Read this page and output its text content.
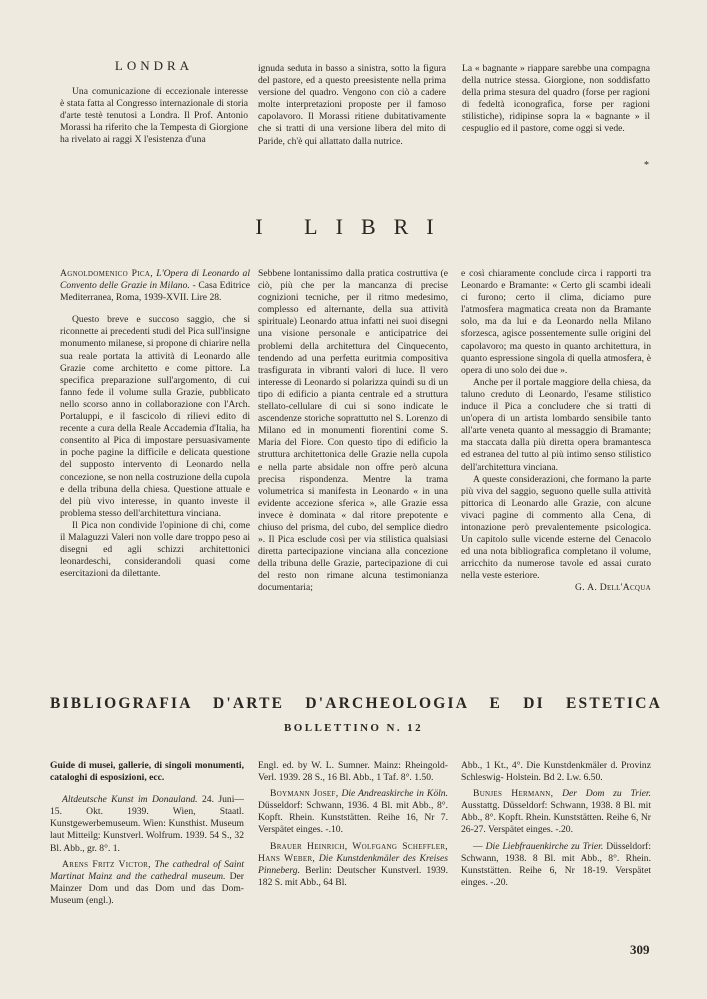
LONDRA

Una comunicazione di eccezionale interesse è stata fatta al Congresso internazionale di storia d'arte testè tenutosi a Londra. Il Prof. Antonio Morassi ha riferito che la Tempesta di Giorgione ha rivelato ai raggi X l'esistenza d'una

ignuda seduta in basso a sinistra, sotto la figura del pastore, ed a questo preesistente nella prima versione del quadro. Vengono con ciò a cadere molte interpretazioni proposte per il famoso capolavoro. Il Morassi ritiene dubitativamente che si tratti di una versione libera del mito di Paride, ch'è qui allattato dalla nutrice.

La « bagnante » riappare sarebbe una compagna della nutrice stessa. Giorgione, non soddisfatto della prima stesura del quadro (forse per ragioni di fedeltà iconografica, forse per ragioni stilistiche), ridipinse sopra la « bagnante » il cespuglio ed il pastore, come oggi si vede.

*
I LIBRI

Agnoldomenico Pica, L'Opera di Leonardo al Convento delle Grazie in Milano. - Casa Editrice Mediterranea, Roma, 1939-XVII. Lire 28.

Questo breve e succoso saggio, che si riconnette ai precedenti studi del Pica sull'insigne monumento milanese, si propone di chiarire nella sua reale portata la attività di Leonardo alle Grazie come architetto e come pittore. La specifica preparazione sull'argomento, di cui fanno fede il volume sulla Grazie, pubblicato nello scorso anno in collaborazione con l'Arch. Portaluppi, e il fascicolo di rilievi edito di recente a cura della Reale Accademia d'Italia, ha consentito al Pica di impostare persuasivamente in poche pagine la difficile e delicata questione del supposto intervento di Leonardo nella concezione, se non nella costruzione della cupola e della tribuna della chiesa. Questione attuale e del più vivo interesse, in quanto investe il problema stesso dell'architettura vinciana.

Il Pica non condivide l'opinione di chi, come il Malaguzzi Valeri non volle dare troppo peso ai disegni ed agli schizzi architettonici leonardeschi, considerandoli quasi come esercitazioni da dilettante.

Sebbene lontanissimo dalla pratica costruttiva (e ciò, più che per la mancanza di precise cognizioni tecniche, per il ritmo medesimo, complesso ed alternante, della sua attività spirituale) Leonardo attua infatti nei suoi disegni una visione personale e anticipatrice dei problemi della architettura del Cinquecento, tendendo ad una perfetta euritmia compositiva trasfigurata in vibranti valori di luce. Il vero interesse di Leonardo si polarizza quindi su di un tipo di edificio a pianta centrale ed a struttura stellato-cellulare di cui si sono indicate le ascendenze storiche soprattutto nel S. Lorenzo di Milano ed in monumenti fiorentini come S. Maria del Fiore. Con questo tipo di edificio la struttura architettonica delle Grazie nella cupola e nella parte absidale non offre però alcuna precisa rispondenza. Mentre la trama volumetrica si manifesta in Leonardo « in una evidente accezione sferica », alle Grazie essa invece è dominata « dal ritore prepotente e chiuso del prisma, del cubo, del semplice diedro ». Il Pica esclude così per via stilistica qualsiasi diretta partecipazione vinciana alla concezione della tribuna delle Grazie, partecipazione di cui del resto non rimane alcuna testimonianza documentaria;

e così chiaramente conclude circa i rapporti tra Leonardo e Bramante: « Certo gli scambi ideali ci furono; certo il clima, diciamo pure l'atmosfera magmatica creata non da Bramante solo, ma da lui e da Leonardo nella Milano sforzesca, agisce possentemente sulle origini del capolavoro; ma questo in quanto architettura, in quanto espressione singola di quella atmosfera, è opera di uno solo dei due ».

Anche per il portale maggiore della chiesa, da taluno creduto di Leonardo, l'esame stilistico induce il Pica a concludere che si tratti di un'opera di un artista lombardo sensibile tanto all'arte veneta quanto al messaggio di Bramante; ma staccata dalla più diretta opera bramantesca ed estranea del tutto al più intimo senso stilistico dell'architettura vinciana.

A queste considerazioni, che formano la parte più viva del saggio, seguono quelle sulla attività pittorica di Leonardo alle Grazie, con alcune vivaci pagine di commento alla Cena, di intonazione però prevalentemente psicologica. Un capitolo sulle vicende esterne del Cenacolo ed una nota bibliografica completano il volume, arricchito da numerose tavole ed assai curato nella veste esteriore.

G. A. Dell'Acqua

BIBLIOGRAFIA D'ARTE D'ARCHEOLOGIA E DI ESTETICA
BOLLETTINO N. 12

Guide di musei, gallerie, di singoli monumenti, cataloghi di esposizioni, ecc.

Altdeutsche Kunst im Donauland. 24. Juni—15. Okt. 1939. Wien, Staatl. Kunstgewerbemuseum. Wien: Kunsthist. Museum laut Mitteilg: Kunstverl. Wolfrum. 1939. 54 S., 32 Bl. Abb., gr. 8°. 1.

Arens Fritz Victor, The cathedral of Saint Martinat Mainz and the cathedral museum. Der Mainzer Dom und das Dom und das Dom- Museum (engl.).

Engl. ed. by W. L. Sumner. Mainz: Rheingold-Verl. 1939. 28 S., 16 Bl. Abb., 1 Taf. 8°. 1.50.

Boymann Josef, Die Andreaskirche in Köln. Düsseldorf: Schwann, 1936. 4 Bl. mit Abb., 8°. Kopft. Rhein. Kunststätten. Reihe 16, Nr 7. Verspätet einges. -.10.

Brauer Heinrich, Wolfgang Scheffler, Hans Weber, Die Kunstdenkmäler des Kreises Pinneberg. Berlin: Deutscher Kunstverl. 1939. 182 S. mit Abb., 64 Bl.

Abb., 1 Kt., 4°. Die Kunstdenkmäler d. Provinz Schleswig- Holstein. Bd 2. Lw. 6.50.

Bunjes Hermann, Der Dom zu Trier. Ausstattg. Düsseldorf: Schwann, 1938. 8 Bl. mit Abb., 8°. Kopft. Rhein. Kunststätten. Reihe 6, Nr 26-27. Verspätet einges. -.20.

— Die Liebfrauenkirche zu Trier. Düsseldorf: Schwann, 1938. 8 Bl. mit Abb., 8°. Rhein. Kunststätten. Reihe 6, Nr 18-19. Verspätet einges. -.20.

309
